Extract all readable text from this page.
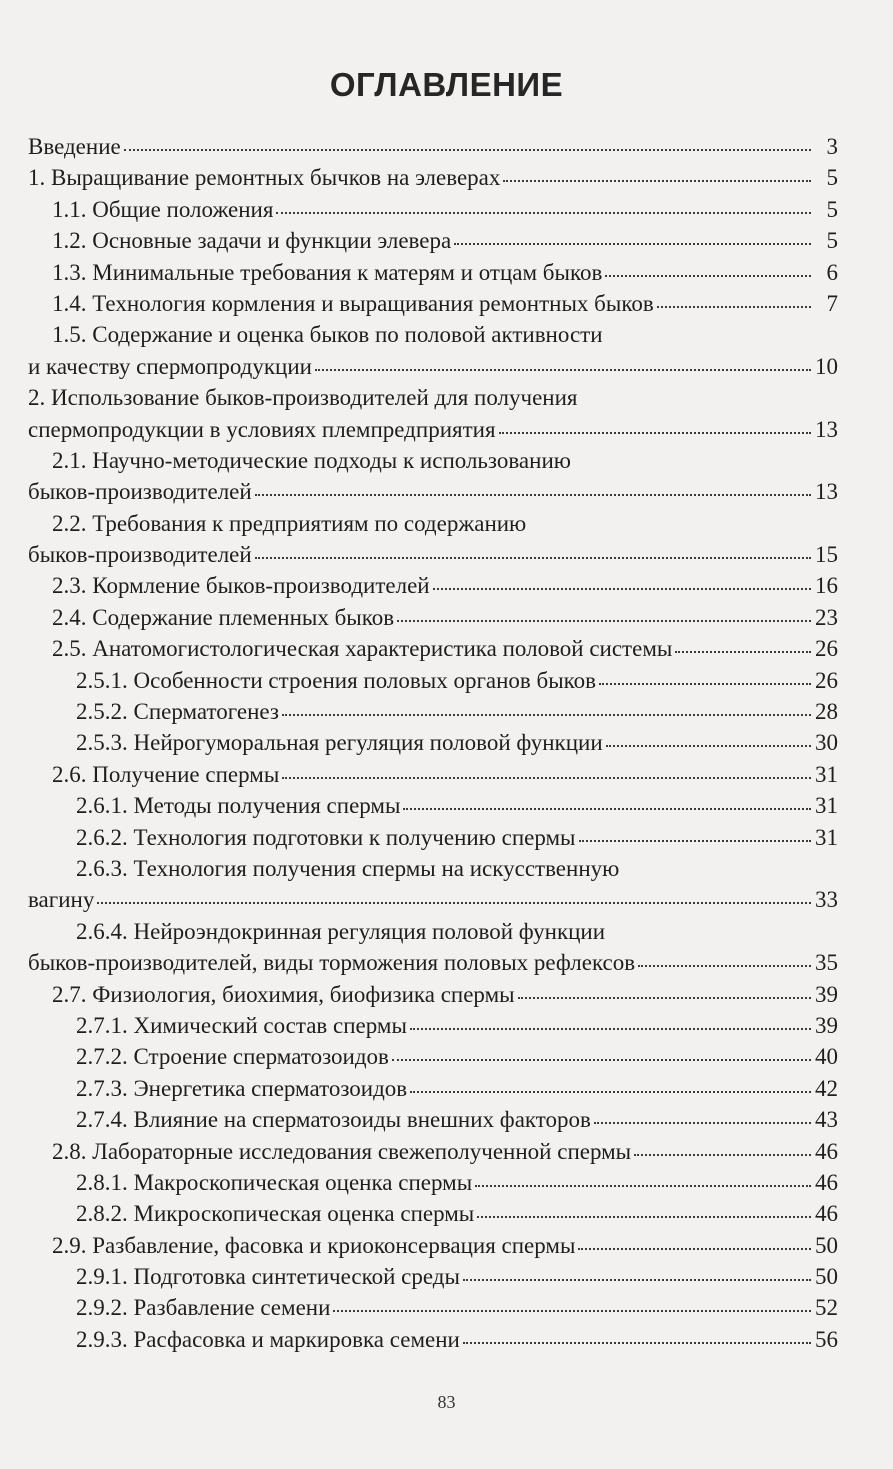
ОГЛАВЛЕНИЕ
Введение	3
1. Выращивание ремонтных бычков на элеверах	5
1.1. Общие положения	5
1.2. Основные задачи и функции элевера	5
1.3. Минимальные требования к матерям и отцам быков	6
1.4. Технология кормления и выращивания ремонтных быков	7
1.5. Содержание и оценка быков по половой активности
и качеству спермопродукции	10
2. Использование быков-производителей для получения
спермопродукции в условиях племпредприятия	13
2.1. Научно-методические подходы к использованию
быков-производителей	13
2.2. Требования к предприятиям по содержанию
быков-производителей	15
2.3. Кормление быков-производителей	16
2.4. Содержание племенных быков	23
2.5. Анатомогистологическая характеристика половой системы	26
2.5.1. Особенности строения половых органов быков	26
2.5.2. Сперматогенез	28
2.5.3. Нейрогуморальная регуляция половой функции	30
2.6. Получение спермы	31
2.6.1. Методы получения спермы	31
2.6.2. Технология подготовки к получению спермы	31
2.6.3. Технология получения спермы на искусственную
вагину	33
2.6.4. Нейроэндокринная регуляция половой функции
быков-производителей, виды торможения половых рефлексов	35
2.7. Физиология, биохимия, биофизика спермы	39
2.7.1. Химический состав спермы	39
2.7.2. Строение сперматозоидов	40
2.7.3. Энергетика сперматозоидов	42
2.7.4. Влияние на сперматозоиды внешних факторов	43
2.8. Лабораторные исследования свежеполученной спермы	46
2.8.1. Макроскопическая оценка спермы	46
2.8.2. Микроскопическая оценка спермы	46
2.9. Разбавление, фасовка и криоконсервация спермы	50
2.9.1. Подготовка синтетической среды	50
2.9.2. Разбавление семени	52
2.9.3. Расфасовка и маркировка семени	56
83
